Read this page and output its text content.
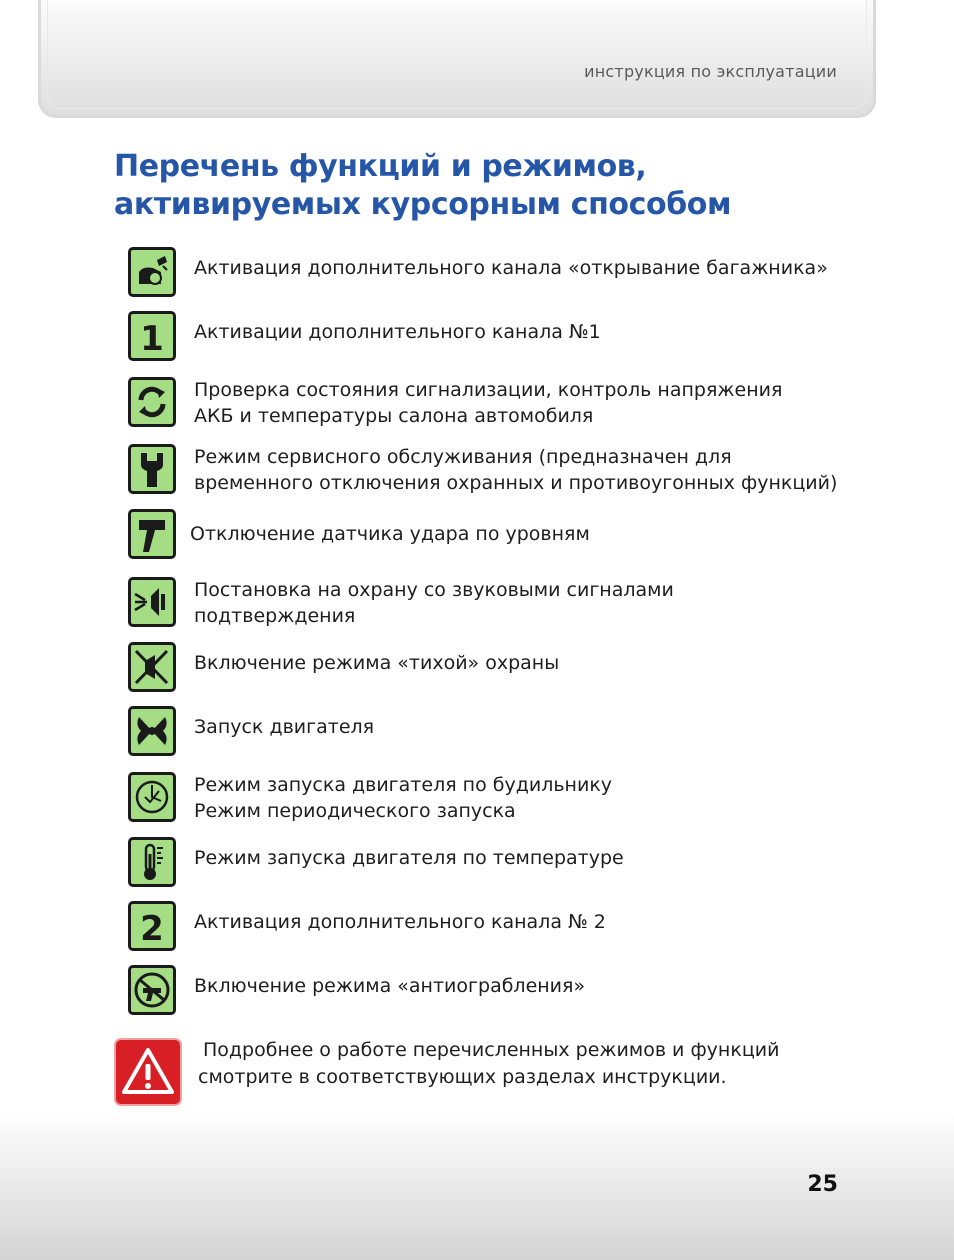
инструкция по эксплуатации
Перечень функций и режимов,
активируемых курсорным способом
Активация дополнительного канала «открывание багажника»
1 Активации дополнительного канала №1
Проверка состояния сигнализации, контроль напряжения
АКБ и температуры салона автомобиля
Режим сервисного обслуживания (предназначен для
временного отключения охранных и противоугонных функций)
Отключение датчика удара по уровням
Постановка на охрану со звуковыми сигналами
подтверждения
Включение режима «тихой» охраны
Запуск двигателя
Режим запуска двигателя по будильнику
Режим периодического запуска
Режим запуска двигателя по температуре
2 Активация дополнительного канала № 2
Включение режима «антиограбления»
Подробнее о работе перечисленных режимов и функций
смотрите в соответствующих разделах инструкции.
25
